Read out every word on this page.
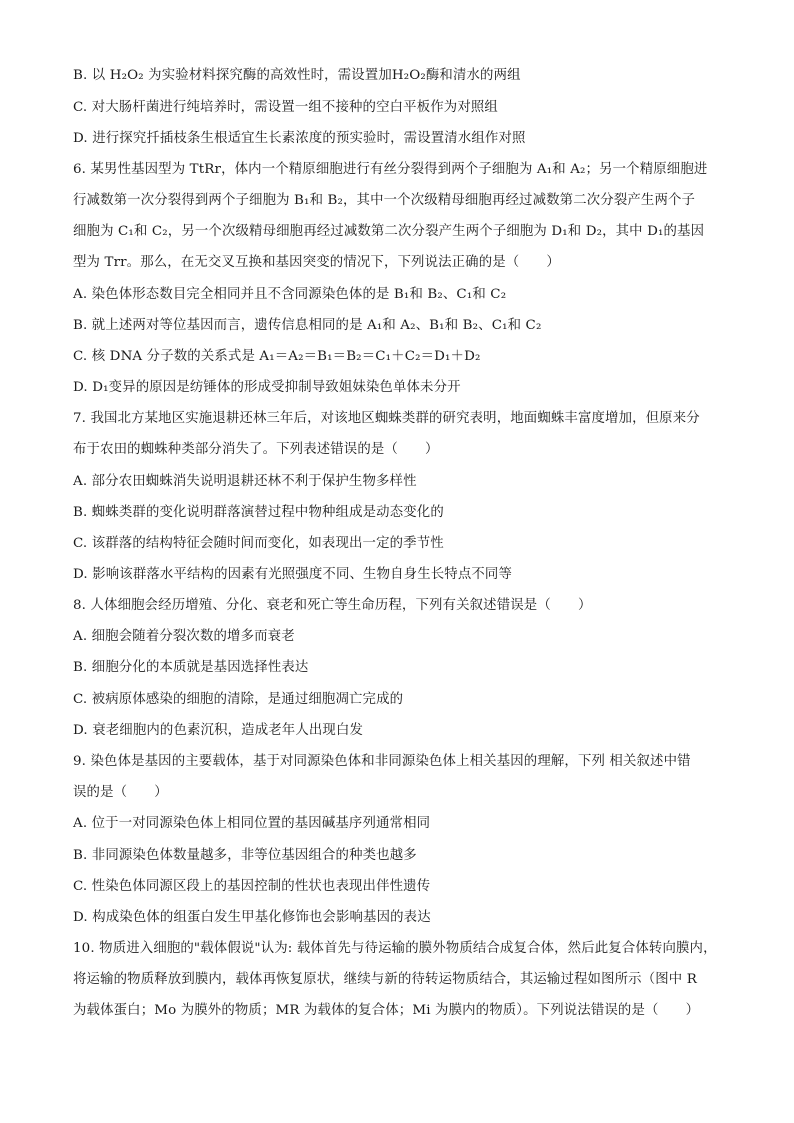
B. 以 H₂O₂ 为实验材料探究酶的高效性时，需设置加H₂O₂酶和清水的两组
C. 对大肠杆菌进行纯培养时，需设置一组不接种的空白平板作为对照组
D. 进行探究扦插枝条生根适宜生长素浓度的预实验时，需设置清水组作对照
6. 某男性基因型为 TtRr，体内一个精原细胞进行有丝分裂得到两个子细胞为 A₁和 A₂；另一个精原细胞进
行减数第一次分裂得到两个子细胞为 B₁和 B₂，其中一个次级精母细胞再经过减数第二次分裂产生两个子
细胞为 C₁和 C₂，另一个次级精母细胞再经过减数第二次分裂产生两个子细胞为 D₁和 D₂，其中 D₁的基因
型为 Trr。那么，在无交叉互换和基因突变的情况下，下列说法正确的是（　　）
A. 染色体形态数目完全相同并且不含同源染色体的是 B₁和 B₂、C₁和 C₂
B. 就上述两对等位基因而言，遗传信息相同的是 A₁和 A₂、B₁和 B₂、C₁和 C₂
C. 核 DNA 分子数的关系式是 A₁＝A₂＝B₁＝B₂＝C₁＋C₂＝D₁＋D₂
D. D₁变异的原因是纺锤体的形成受抑制导致姐妹染色单体未分开
7. 我国北方某地区实施退耕还林三年后，对该地区蜘蛛类群的研究表明，地面蜘蛛丰富度增加，但原来分
布于农田的蜘蛛种类部分消失了。下列表述错误的是（　　）
A. 部分农田蜘蛛消失说明退耕还林不利于保护生物多样性
B. 蜘蛛类群的变化说明群落演替过程中物种组成是动态变化的
C. 该群落的结构特征会随时间而变化，如表现出一定的季节性
D. 影响该群落水平结构的因素有光照强度不同、生物自身生长特点不同等
8. 人体细胞会经历增殖、分化、衰老和死亡等生命历程，下列有关叙述错误是（　　）
A. 细胞会随着分裂次数的增多而衰老
B. 细胞分化的本质就是基因选择性表达
C. 被病原体感染的细胞的清除，是通过细胞凋亡完成的
D. 衰老细胞内的色素沉积，造成老年人出现白发
9. 染色体是基因的主要载体，基于对同源染色体和非同源染色体上相关基因的理解，下列 相关叙述中错
误的是（　　）
A. 位于一对同源染色体上相同位置的基因碱基序列通常相同
B. 非同源染色体数量越多，非等位基因组合的种类也越多
C. 性染色体同源区段上的基因控制的性状也表现出伴性遗传
D. 构成染色体的组蛋白发生甲基化修饰也会影响基因的表达
10. 物质进入细胞的"载体假说"认为: 载体首先与待运输的膜外物质结合成复合体，然后此复合体转向膜内，
将运输的物质释放到膜内，载体再恢复原状，继续与新的待转运物质结合，其运输过程如图所示（图中 R
为载体蛋白；Mo 为膜外的物质；MR 为载体的复合体；Mi 为膜内的物质）。下列说法错误的是（　　）
